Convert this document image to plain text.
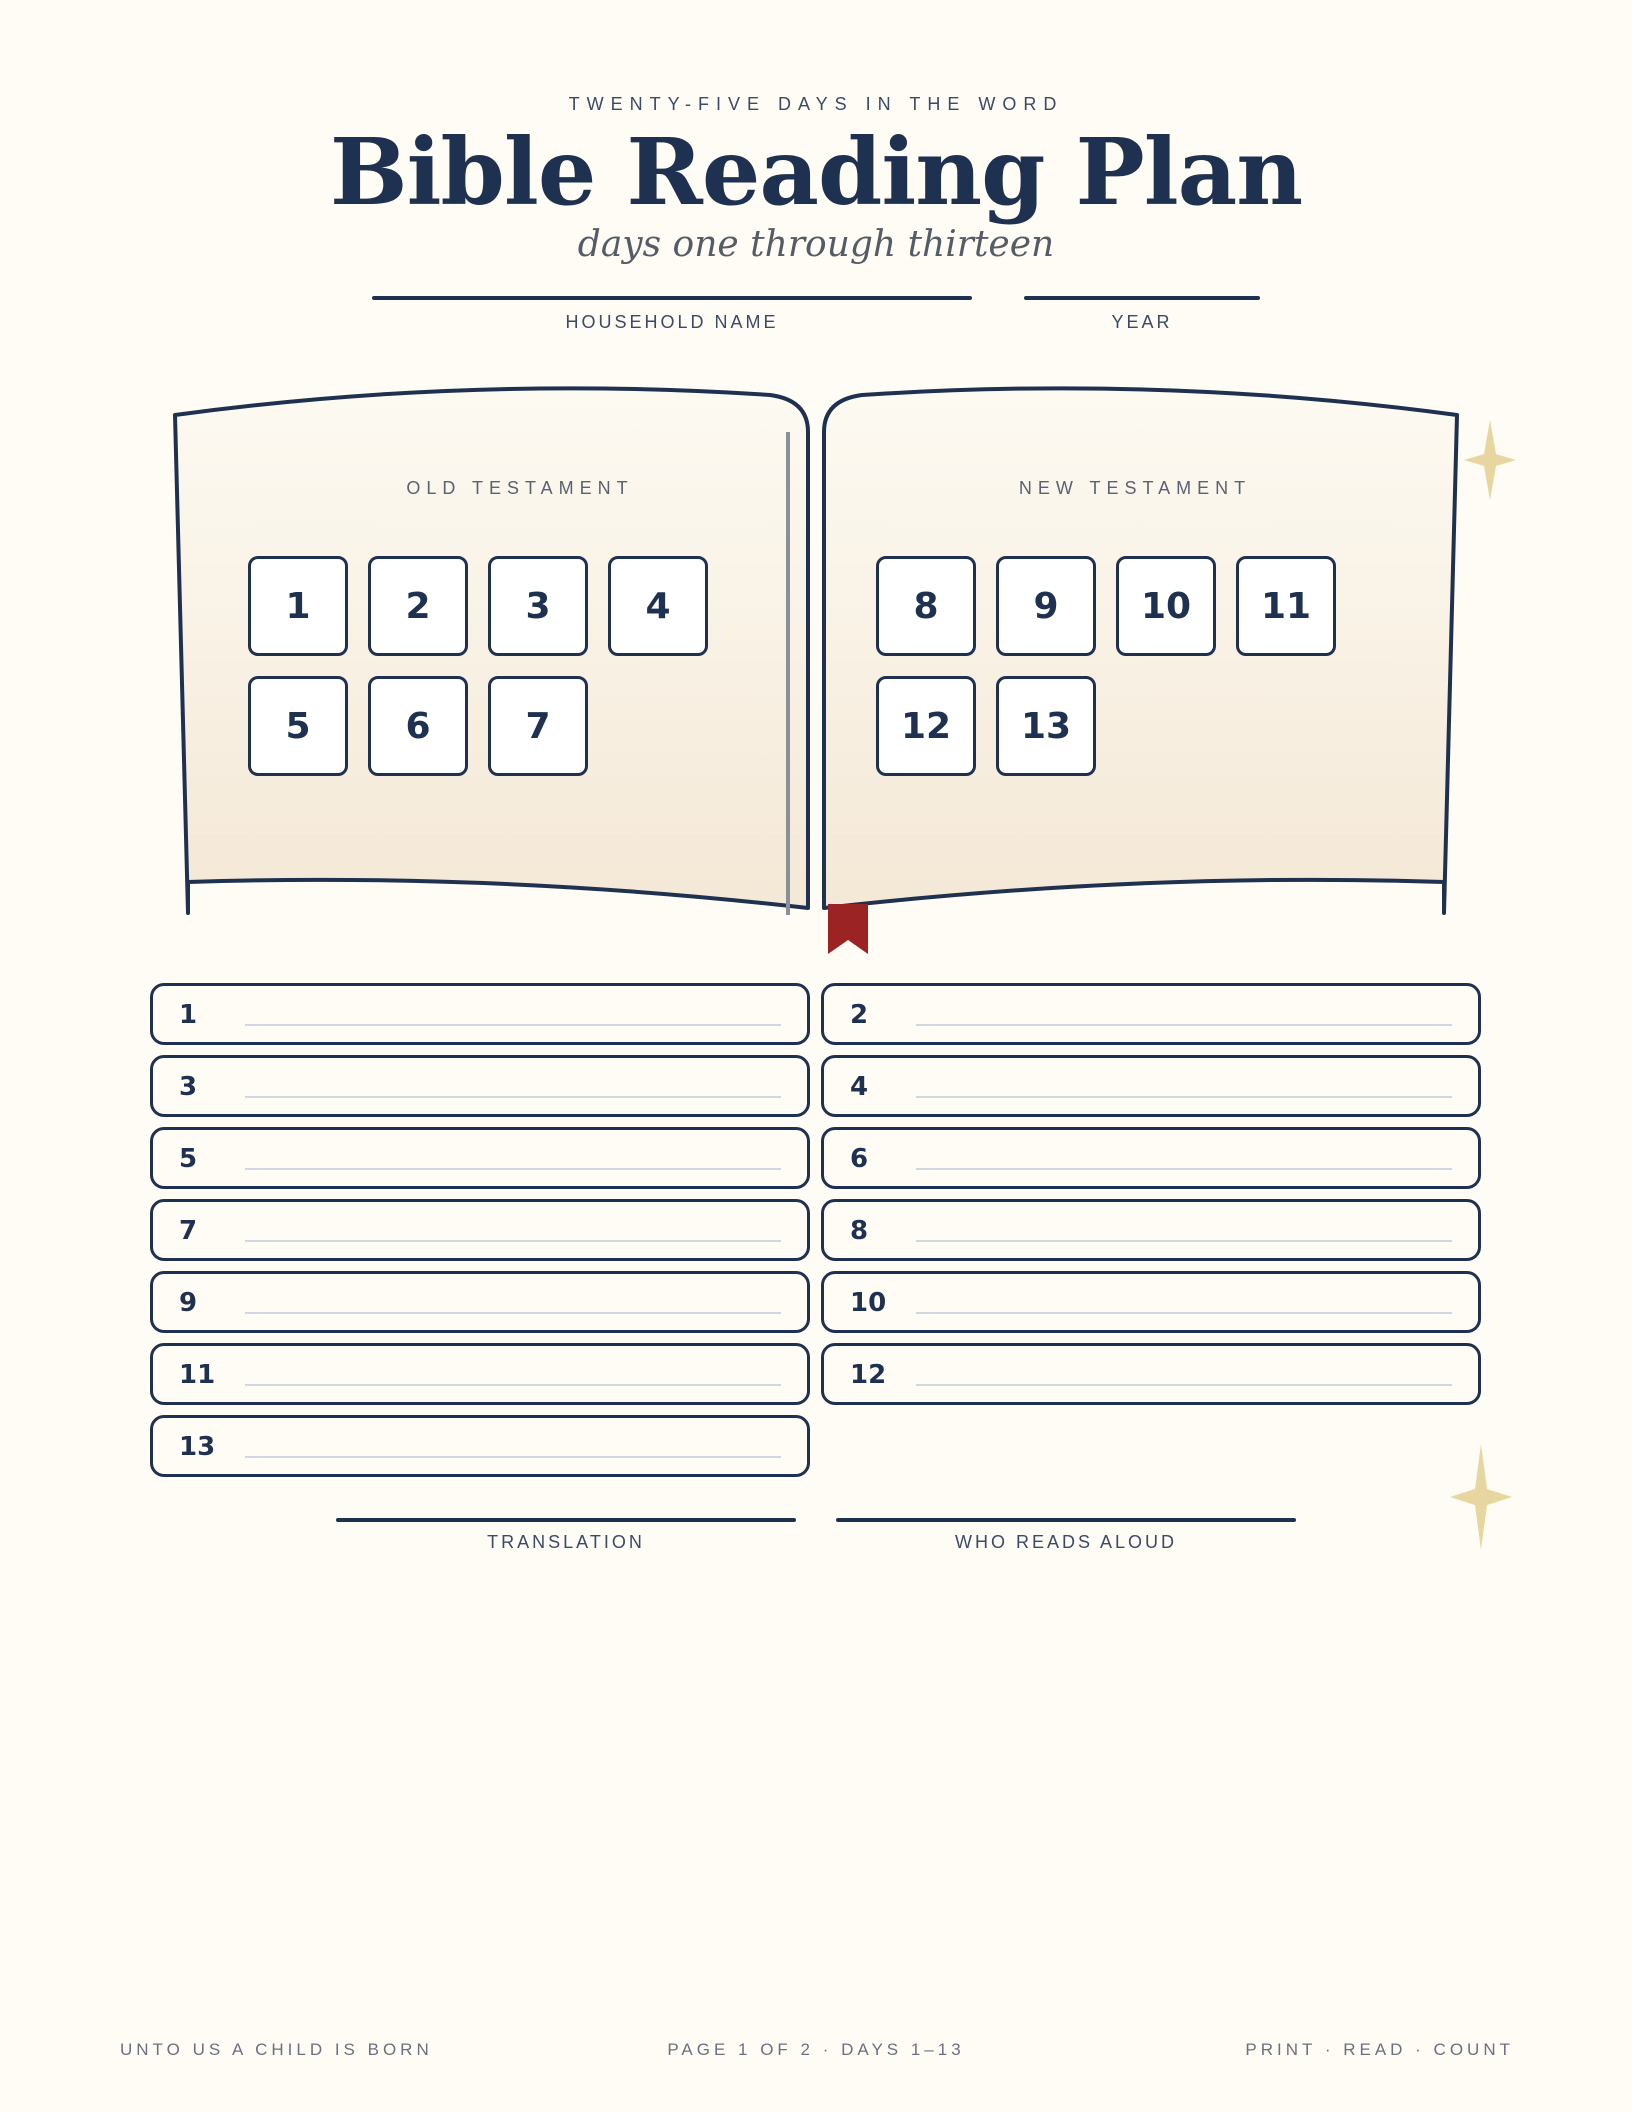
TWENTY-FIVE DAYS IN THE WORD
Bible Reading Plan
days one through thirteen
HOUSEHOLD NAME	YEAR
OLD TESTAMENT	NEW TESTAMENT
1	2	3	4
5	6	7
8	9	10	11
12	13
1	2
3	4
5	6
7	8
9	10
11	12
13
TRANSLATION	WHO READS ALOUD
UNTO US A CHILD IS BORN	PAGE 1 OF 2 · DAYS 1–13	PRINT · READ · COUNT
